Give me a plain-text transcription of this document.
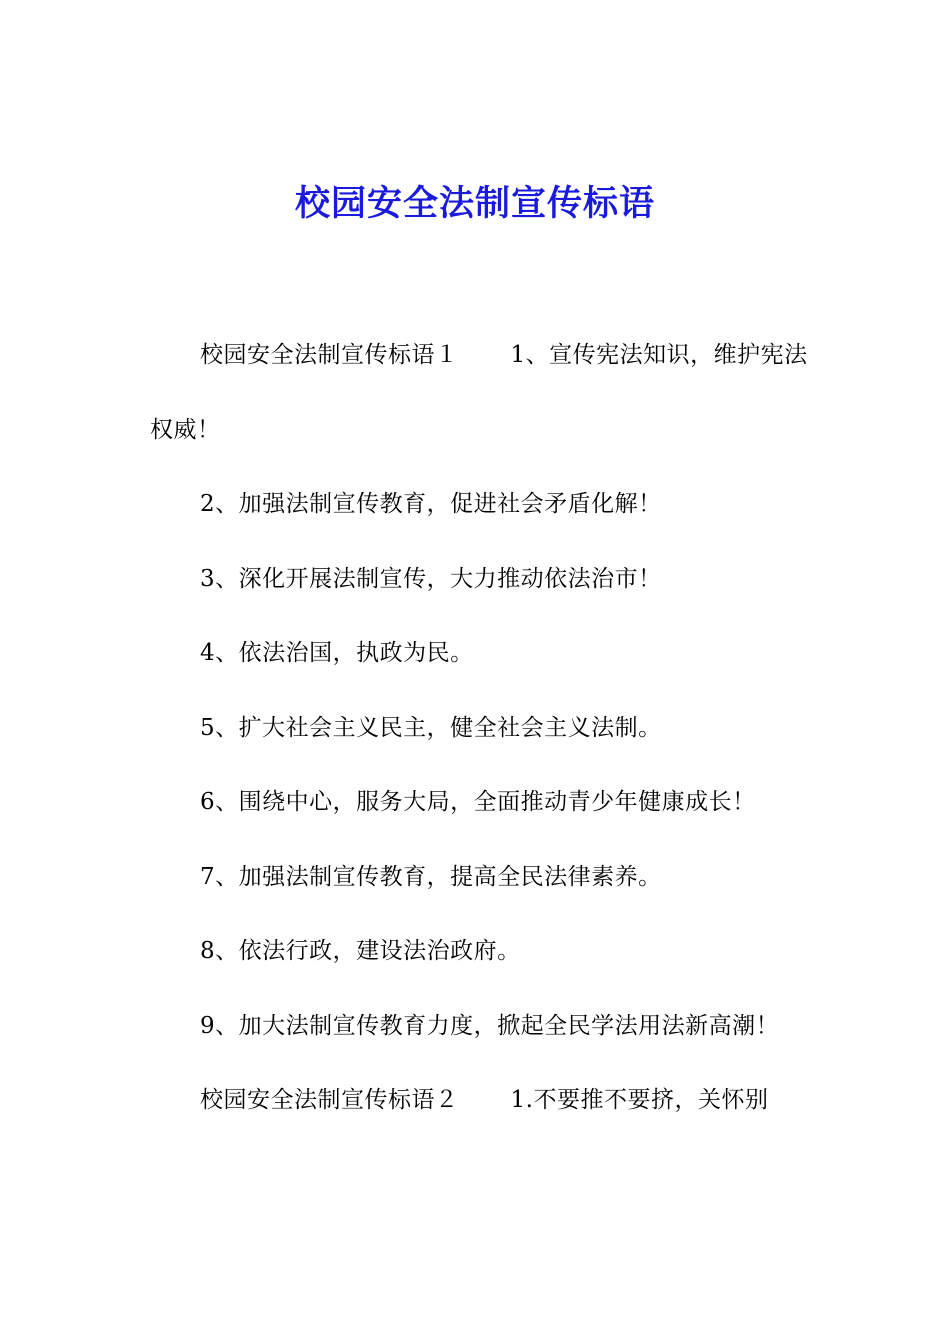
校园安全法制宣传标语

校园安全法制宣传标语１ 1、宣传宪法知识，维护宪法权威！

2、加强法制宣传教育，促进社会矛盾化解！

3、深化开展法制宣传，大力推动依法治市！

4、依法治国，执政为民。

5、扩大社会主义民主，健全社会主义法制。

6、围绕中心，服务大局，全面推动青少年健康成长！

7、加强法制宣传教育，提高全民法律素养。

8、依法行政，建设法治政府。

9、加大法制宣传教育力度，掀起全民学法用法新高潮！

校园安全法制宣传标语２ 1.不要推不要挤，关怀别
